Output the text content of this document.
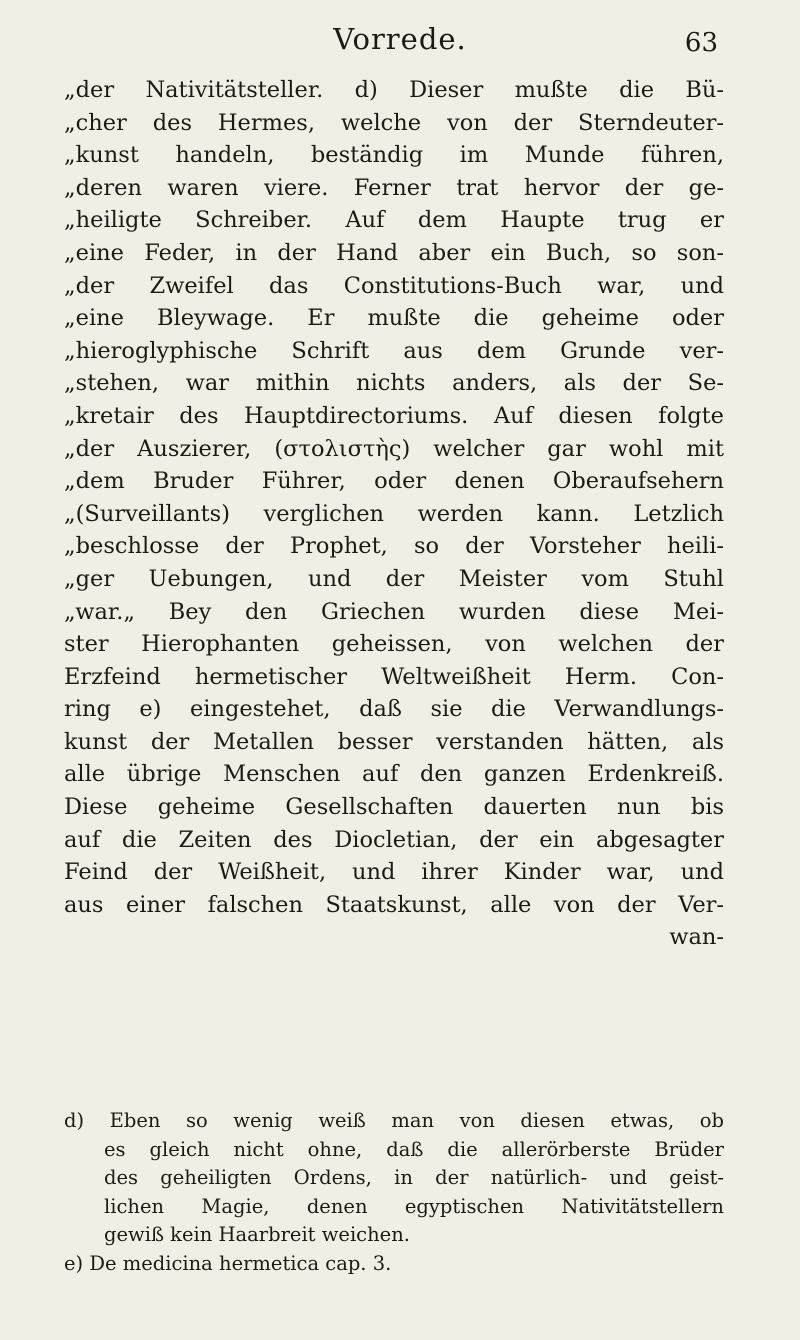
Vorrede.	63
„der Nativitätsteller. d) Dieser mußte die Bü-
„cher des Hermes, welche von der Sterndeuter-
„kunst handeln, beständig im Munde führen,
„deren waren viere. Ferner trat hervor der ge-
„heiligte Schreiber. Auf dem Haupte trug er
„eine Feder, in der Hand aber ein Buch, so son-
„der Zweifel das Constitutions-Buch war, und
„eine Bleywage. Er mußte die geheime oder
„hieroglyphische Schrift aus dem Grunde ver-
„stehen, war mithin nichts anders, als der Se-
„kretair des Hauptdirectoriums. Auf diesen folgte
„der Auszierer, (στολιστὴς) welcher gar wohl mit
„dem Bruder Führer, oder denen Oberaufsehern
„(Surveillants) verglichen werden kann. Letzlich
„beschlosse der Prophet, so der Vorsteher heili-
„ger Uebungen, und der Meister vom Stuhl
„war.„ Bey den Griechen wurden diese Mei-
ster Hierophanten geheissen, von welchen der
Erzfeind hermetischer Weltweißheit Herm. Con-
ring e) eingestehet, daß sie die Verwandlungs-
kunst der Metallen besser verstanden hätten, als
alle übrige Menschen auf den ganzen Erdenkreiß.
Diese geheime Gesellschaften dauerten nun bis
auf die Zeiten des Diocletian, der ein abgesagter
Feind der Weißheit, und ihrer Kinder war, und
aus einer falschen Staatskunst, alle von der Ver-
wan-
d) Eben so wenig weiß man von diesen etwas, ob
es gleich nicht ohne, daß die allerörberste Brüder
des geheiligten Ordens, in der natürlich- und geist-
lichen Magie, denen egyptischen Nativitätstellern
gewiß kein Haarbreit weichen.
e) De medicina hermetica cap. 3.
